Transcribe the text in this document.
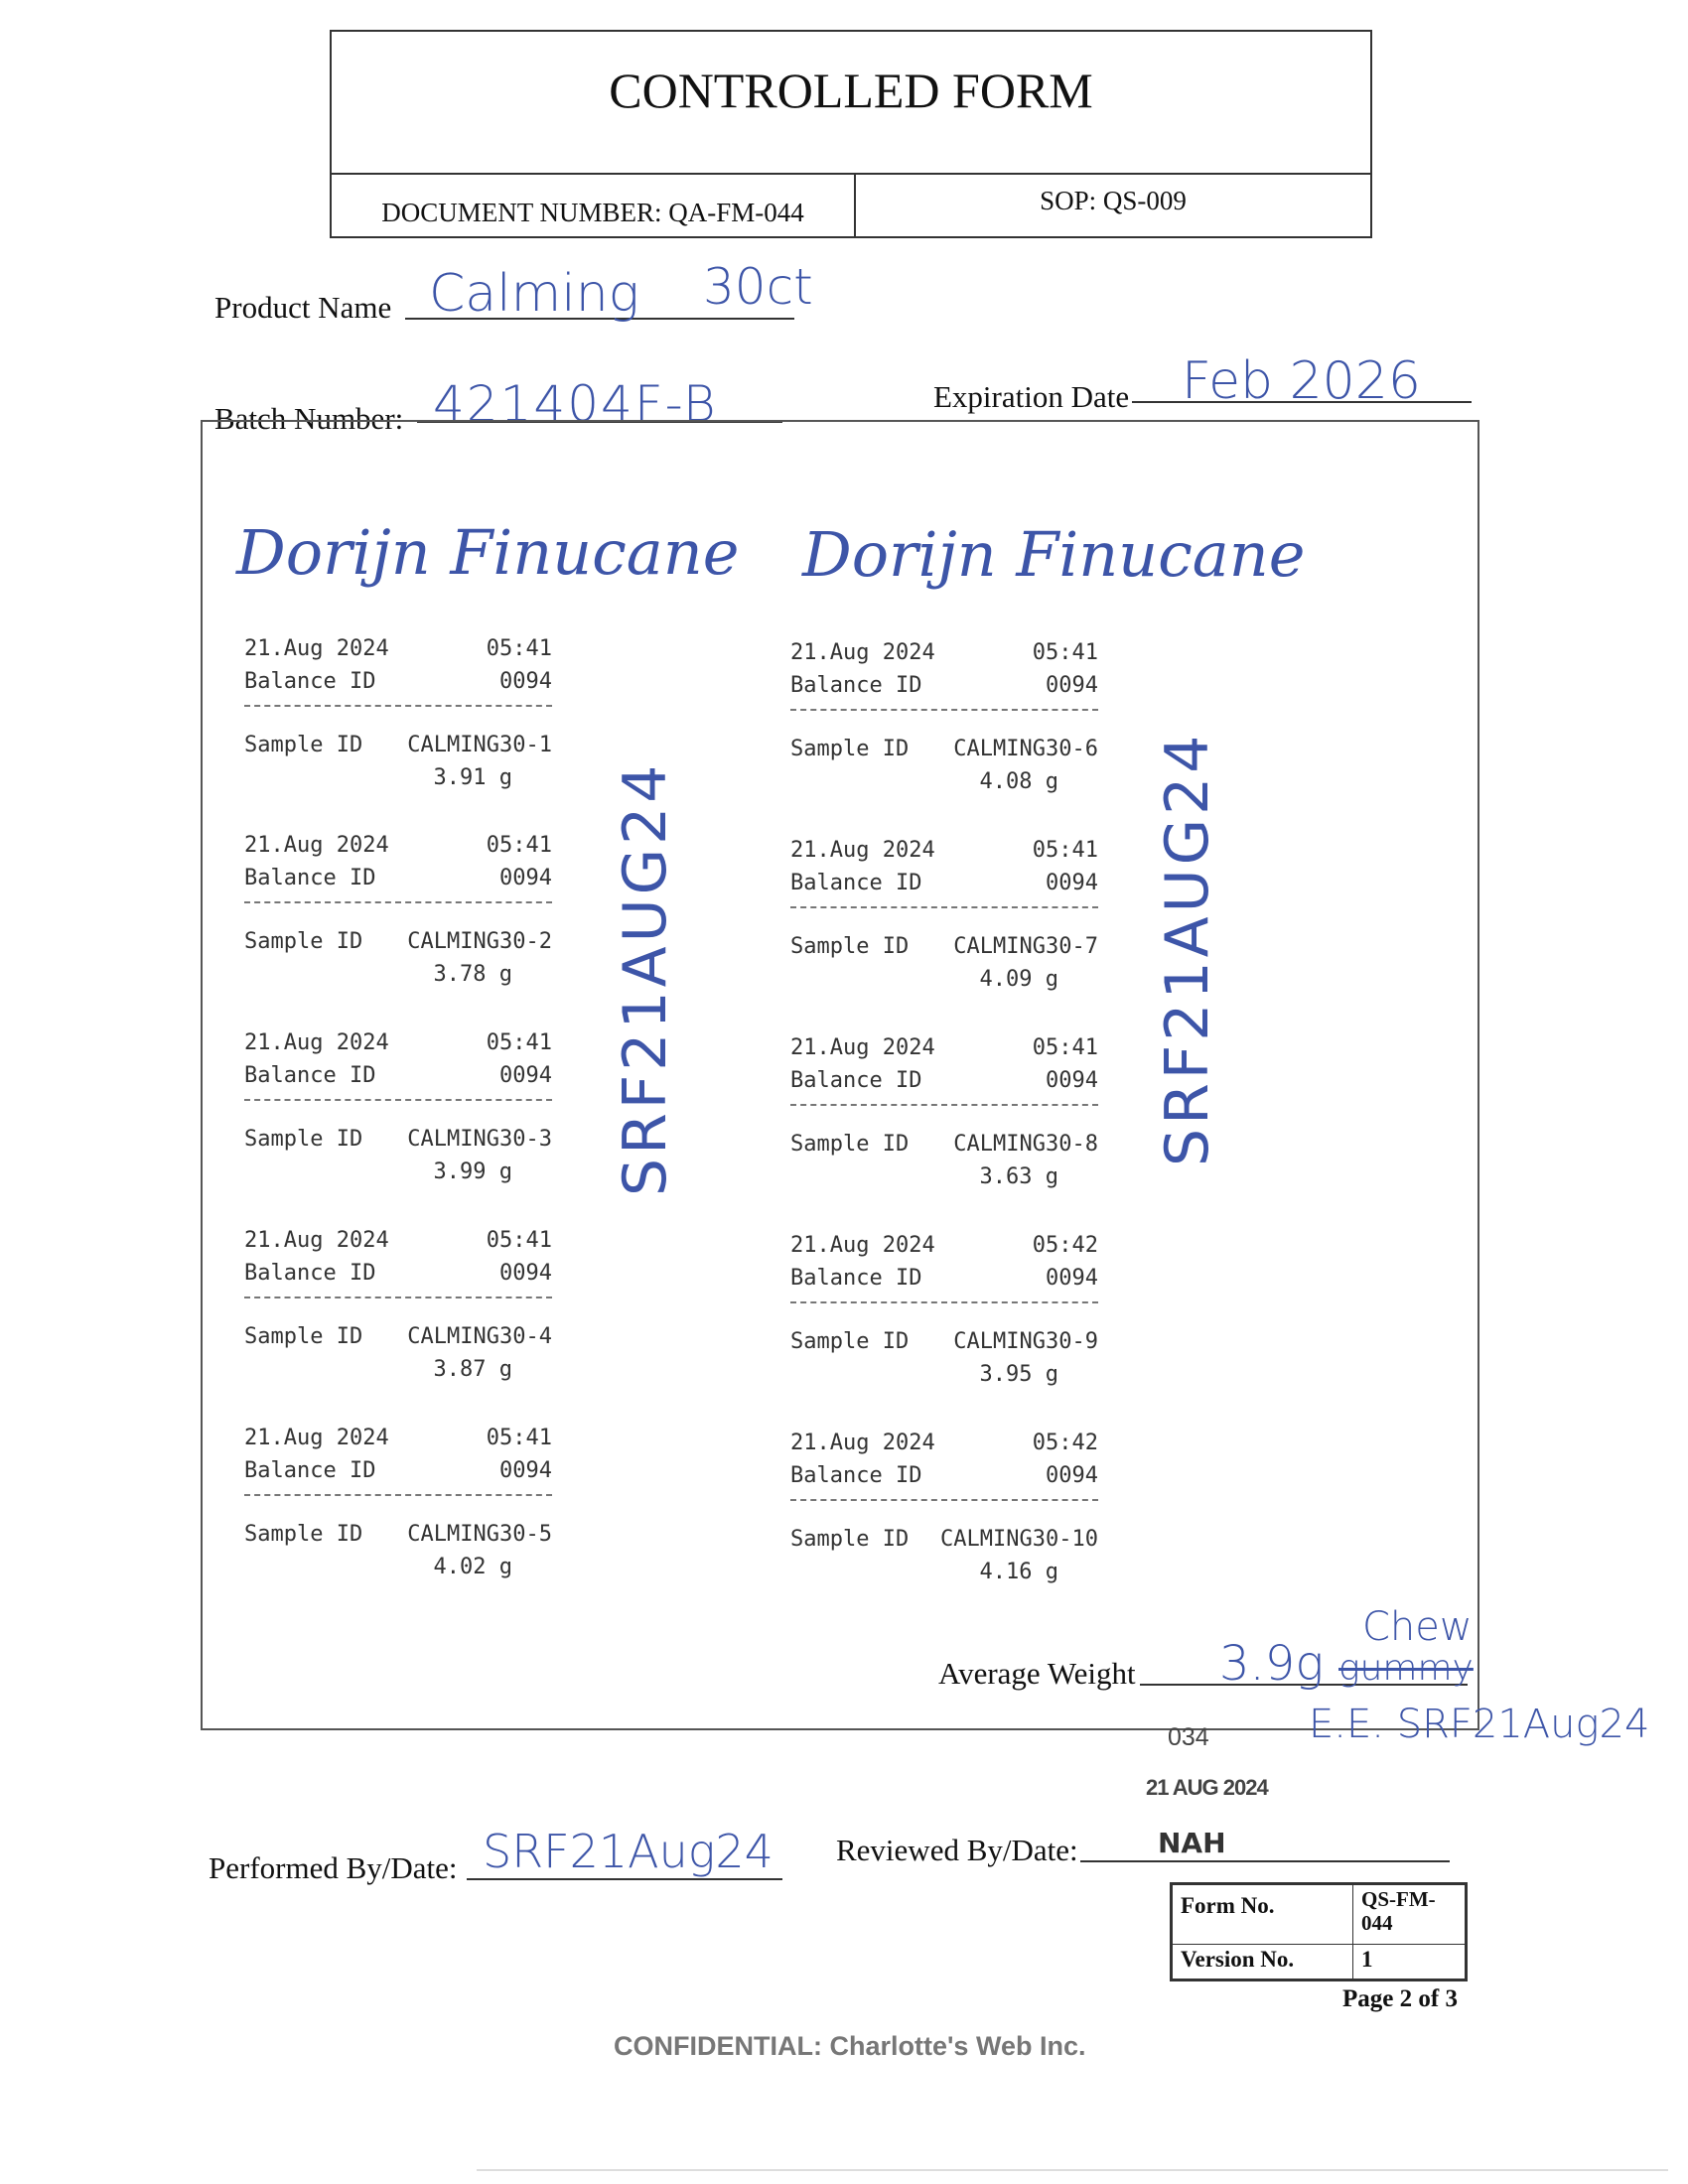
CONTROLLED FORM
DOCUMENT NUMBER: QA-FM-044	SOP: QS-009
Product Name Calming 30ct
Batch Number: 421404F-B	Expiration Date Feb 2026
Dorijn Finucane Dorijn Finucane
21.Aug 2024	05:41
Balance ID	0094
Sample ID CALMING30-1
3.91 g
21.Aug 2024	05:41
Balance ID	0094
Sample ID CALMING30-2
3.78 g
21.Aug 2024	05:41
Balance ID	0094
Sample ID CALMING30-3
3.99 g
21.Aug 2024	05:41
Balance ID	0094
Sample ID CALMING30-4
3.87 g
21.Aug 2024	05:41
Balance ID	0094
Sample ID CALMING30-5
4.02 g
21.Aug 2024	05:41
Balance ID	0094
Sample ID CALMING30-6
4.08 g
21.Aug 2024	05:41
Balance ID	0094
Sample ID CALMING30-7
4.09 g
21.Aug 2024	05:41
Balance ID	0094
Sample ID CALMING30-8
3.63 g
21.Aug 2024	05:42
Balance ID	0094
Sample ID CALMING30-9
3.95 g
21.Aug 2024	05:42
Balance ID	0094
Sample ID CALMING30-10
4.16 g
SRF21AUG24	SRF21AUG24
Average Weight 3.9g
Chew
gummy
E.E. SRF21Aug24
034
21 AUG 2024
Performed By/Date: SRF21Aug24 Reviewed By/Date:	NAH
Form No.	QS-FM-044
Version No.	1
Page 2 of 3
CONFIDENTIAL: Charlotte's Web Inc.
